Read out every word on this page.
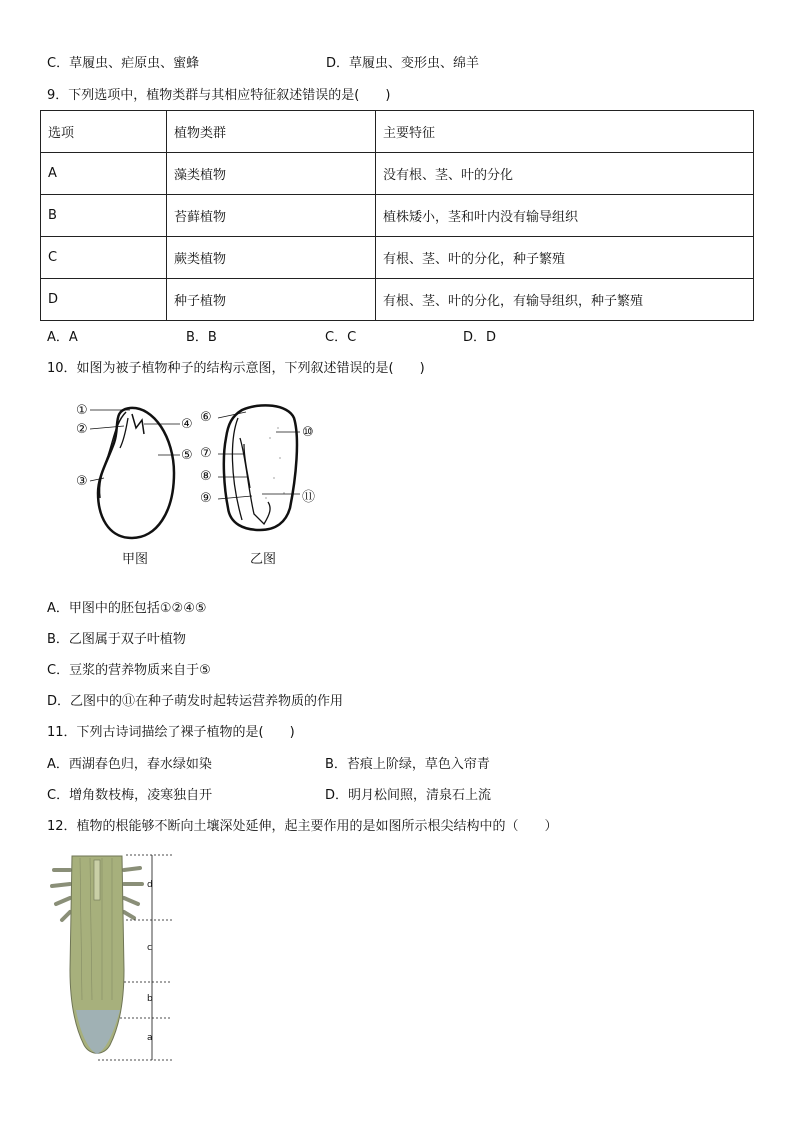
C．草履虫、疟原虫、蜜蜂	D．草履虫、变形虫、绵羊
9．下列选项中，植物类群与其相应特征叙述错误的是(　　)
选项	植物类群	主要特征
A	藻类植物	没有根、茎、叶的分化
B	苔藓植物	植株矮小，茎和叶内没有输导组织
C	蕨类植物	有根、茎、叶的分化，种子繁殖
D	种子植物	有根、茎、叶的分化，有输导组织，种子繁殖
A．A	B．B	C．C	D．D
10．如图为被子植物种子的结构示意图，下列叙述错误的是(　　)
①
②
③
④
⑤
甲图
⑥
⑦
⑧
⑨
⑩
⑪
乙图
A．甲图中的胚包括①②④⑤
B．乙图属于双子叶植物
C．豆浆的营养物质来自于⑤
D．乙图中的⑪在种子萌发时起转运营养物质的作用
11．下列古诗词描绘了裸子植物的是(　　)
A．西湖春色归，春水绿如染	B．苔痕上阶绿，草色入帘青
C．增角数枝梅，凌寒独自开	D．明月松间照，清泉石上流
12．植物的根能够不断向土壤深处延伸，起主要作用的是如图所示根尖结构中的（　　）
d
c
b
a
